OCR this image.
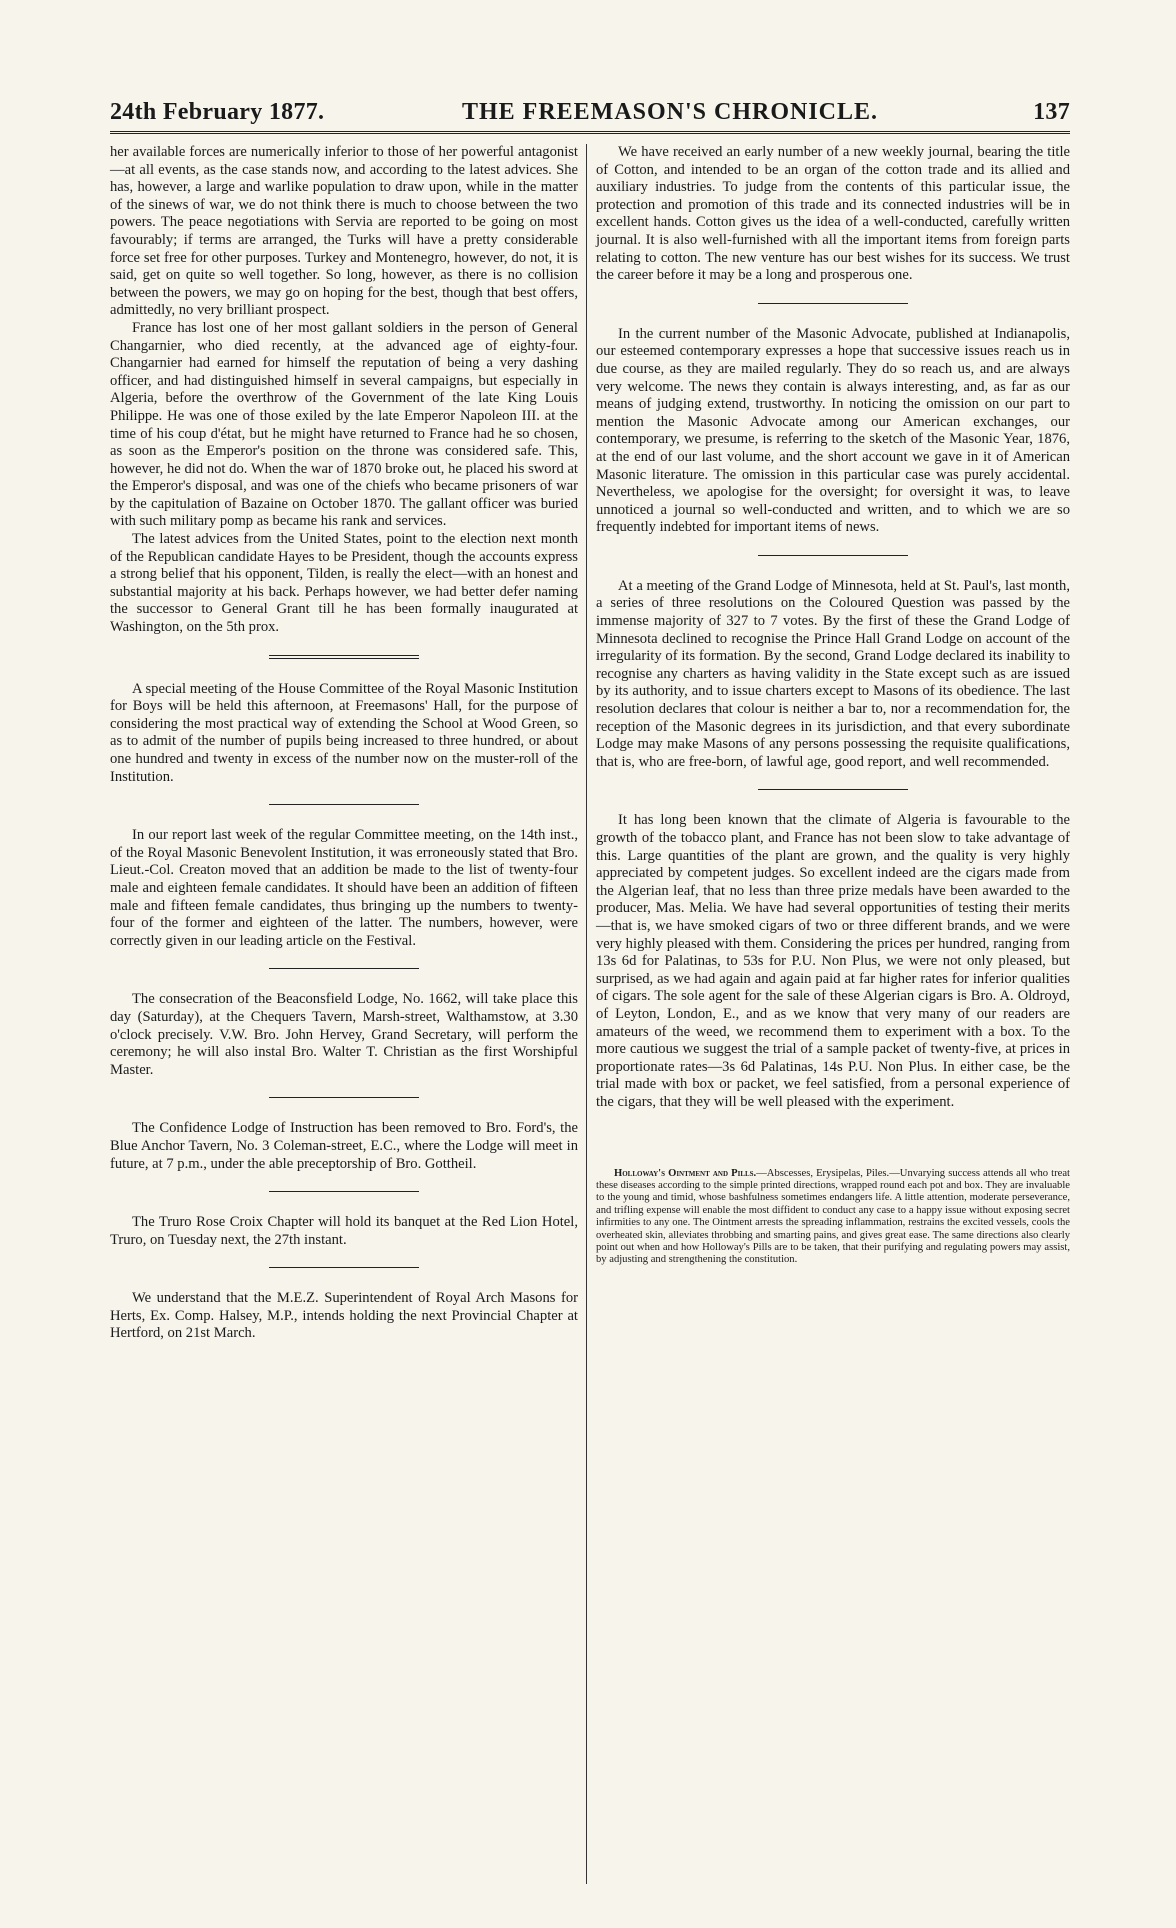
24th February 1877.	THE FREEMASON'S CHRONICLE.	137

her available forces are numerically inferior to those of her powerful antagonist—at all events, as the case stands now, and according to the latest advices. She has, however, a large and warlike population to draw upon, while in the matter of the sinews of war, we do not think there is much to choose between the two powers. The peace negotiations with Servia are reported to be going on most favourably; if terms are arranged, the Turks will have a pretty considerable force set free for other purposes. Turkey and Montenegro, however, do not, it is said, get on quite so well together. So long, however, as there is no collision between the powers, we may go on hoping for the best, though that best offers, admittedly, no very brilliant prospect.

France has lost one of her most gallant soldiers in the person of General Changarnier, who died recently, at the advanced age of eighty-four. Changarnier had earned for himself the reputation of being a very dashing officer, and had distinguished himself in several campaigns, but especially in Algeria, before the overthrow of the Government of the late King Louis Philippe. He was one of those exiled by the late Emperor Napoleon III. at the time of his coup d'état, but he might have returned to France had he so chosen, as soon as the Emperor's position on the throne was considered safe. This, however, he did not do. When the war of 1870 broke out, he placed his sword at the Emperor's disposal, and was one of the chiefs who became prisoners of war by the capitulation of Bazaine on October 1870. The gallant officer was buried with such military pomp as became his rank and services.

The latest advices from the United States, point to the election next month of the Republican candidate Hayes to be President, though the accounts express a strong belief that his opponent, Tilden, is really the elect—with an honest and substantial majority at his back. Perhaps however, we had better defer naming the successor to General Grant till he has been formally inaugurated at Washington, on the 5th prox.

A special meeting of the House Committee of the Royal Masonic Institution for Boys will be held this afternoon, at Freemasons' Hall, for the purpose of considering the most practical way of extending the School at Wood Green, so as to admit of the number of pupils being increased to three hundred, or about one hundred and twenty in excess of the number now on the muster-roll of the Institution.

In our report last week of the regular Committee meeting, on the 14th inst., of the Royal Masonic Benevolent Institution, it was erroneously stated that Bro. Lieut.-Col. Creaton moved that an addition be made to the list of twenty-four male and eighteen female candidates. It should have been an addition of fifteen male and fifteen female candidates, thus bringing up the numbers to twenty-four of the former and eighteen of the latter. The numbers, however, were correctly given in our leading article on the Festival.

The consecration of the Beaconsfield Lodge, No. 1662, will take place this day (Saturday), at the Chequers Tavern, Marsh-street, Walthamstow, at 3.30 o'clock precisely. V.W. Bro. John Hervey, Grand Secretary, will perform the ceremony; he will also instal Bro. Walter T. Christian as the first Worshipful Master.

The Confidence Lodge of Instruction has been removed to Bro. Ford's, the Blue Anchor Tavern, No. 3 Coleman-street, E.C., where the Lodge will meet in future, at 7 p.m., under the able preceptorship of Bro. Gottheil.

The Truro Rose Croix Chapter will hold its banquet at the Red Lion Hotel, Truro, on Tuesday next, the 27th instant.

We understand that the M.E.Z. Superintendent of Royal Arch Masons for Herts, Ex. Comp. Halsey, M.P., intends holding the next Provincial Chapter at Hertford, on 21st March.

We have received an early number of a new weekly journal, bearing the title of Cotton, and intended to be an organ of the cotton trade and its allied and auxiliary industries. To judge from the contents of this particular issue, the protection and promotion of this trade and its connected industries will be in excellent hands. Cotton gives us the idea of a well-conducted, carefully written journal. It is also well-furnished with all the important items from foreign parts relating to cotton. The new venture has our best wishes for its success. We trust the career before it may be a long and prosperous one.

In the current number of the Masonic Advocate, published at Indianapolis, our esteemed contemporary expresses a hope that successive issues reach us in due course, as they are mailed regularly. They do so reach us, and are always very welcome. The news they contain is always interesting, and, as far as our means of judging extend, trustworthy. In noticing the omission on our part to mention the Masonic Advocate among our American exchanges, our contemporary, we presume, is referring to the sketch of the Masonic Year, 1876, at the end of our last volume, and the short account we gave in it of American Masonic literature. The omission in this particular case was purely accidental. Nevertheless, we apologise for the oversight; for oversight it was, to leave unnoticed a journal so well-conducted and written, and to which we are so frequently indebted for important items of news.

At a meeting of the Grand Lodge of Minnesota, held at St. Paul's, last month, a series of three resolutions on the Coloured Question was passed by the immense majority of 327 to 7 votes. By the first of these the Grand Lodge of Minnesota declined to recognise the Prince Hall Grand Lodge on account of the irregularity of its formation. By the second, Grand Lodge declared its inability to recognise any charters as having validity in the State except such as are issued by its authority, and to issue charters except to Masons of its obedience. The last resolution declares that colour is neither a bar to, nor a recommendation for, the reception of the Masonic degrees in its jurisdiction, and that every subordinate Lodge may make Masons of any persons possessing the requisite qualifications, that is, who are free-born, of lawful age, good report, and well recommended.

It has long been known that the climate of Algeria is favourable to the growth of the tobacco plant, and France has not been slow to take advantage of this. Large quantities of the plant are grown, and the quality is very highly appreciated by competent judges. So excellent indeed are the cigars made from the Algerian leaf, that no less than three prize medals have been awarded to the producer, Mas. Melia. We have had several opportunities of testing their merits—that is, we have smoked cigars of two or three different brands, and we were very highly pleased with them. Considering the prices per hundred, ranging from 13s 6d for Palatinas, to 53s for P.U. Non Plus, we were not only pleased, but surprised, as we had again and again paid at far higher rates for inferior qualities of cigars. The sole agent for the sale of these Algerian cigars is Bro. A. Oldroyd, of Leyton, London, E., and as we know that very many of our readers are amateurs of the weed, we recommend them to experiment with a box. To the more cautious we suggest the trial of a sample packet of twenty-five, at prices in proportionate rates—3s 6d Palatinas, 14s P.U. Non Plus. In either case, be the trial made with box or packet, we feel satisfied, from a personal experience of the cigars, that they will be well pleased with the experiment.

Holloway's Ointment and Pills.—Abscesses, Erysipelas, Piles.—Unvarying success attends all who treat these diseases according to the simple printed directions, wrapped round each pot and box. They are invaluable to the young and timid, whose bashfulness sometimes endangers life. A little attention, moderate perseverance, and trifling expense will enable the most diffident to conduct any case to a happy issue without exposing secret infirmities to any one. The Ointment arrests the spreading inflammation, restrains the excited vessels, cools the overheated skin, alleviates throbbing and smarting pains, and gives great ease. The same directions also clearly point out when and how Holloway's Pills are to be taken, that their purifying and regulating powers may assist, by adjusting and strengthening the constitution.
